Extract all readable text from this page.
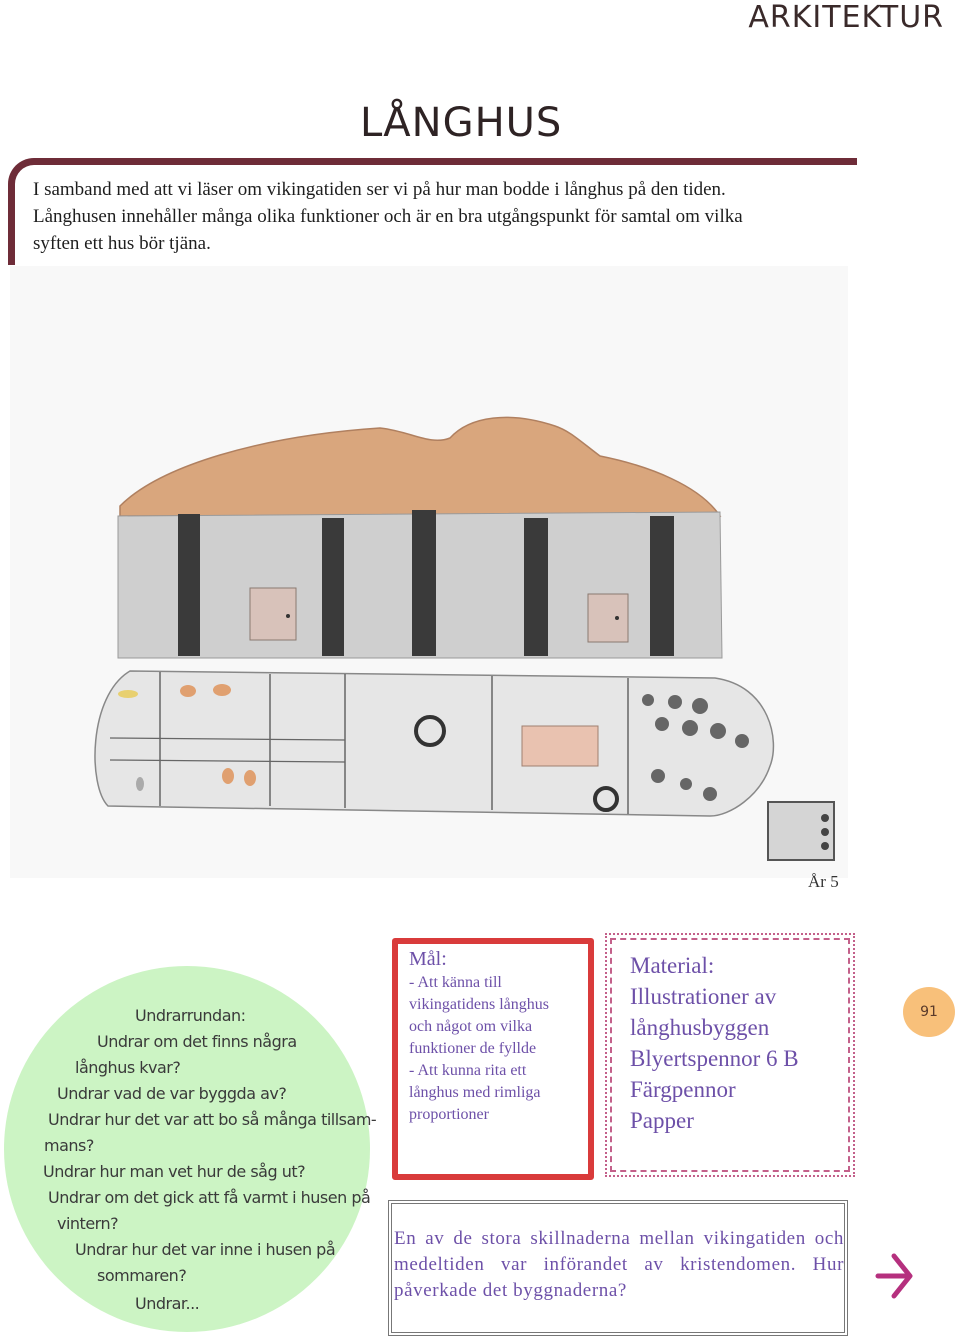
ARKITEKTUR
LÅNGHUS
I samband med att vi läser om vikingatiden ser vi på hur man bodde i långhus på den tiden.
Långhusen innehåller många olika funktioner och är en bra utgångspunkt för samtal om vilka
syften ett hus bör tjäna.
År 5
Undrarrundan:
Undrar om det finns några
långhus kvar?
Undrar vad de var byggda av?
Undrar hur det var att bo så många tillsam-
mans?
Undrar hur man vet hur de såg ut?
Undrar om det gick att få varmt i husen på
vintern?
Undrar hur det var inne i husen på
sommaren?
Undrar...
Mål:
- Att känna till
vikingatidens långhus
och något om vilka
funktioner de fyllde
- Att kunna rita ett
långhus med rimliga
proportioner
Material:
Illustrationer av
långhusbyggen
Blyertspennor 6 B
Färgpennor
Papper
91
En av de stora skillnaderna mellan vikingatiden och medeltiden var införandet av kristendomen. Hur påverkade det byggnaderna?
